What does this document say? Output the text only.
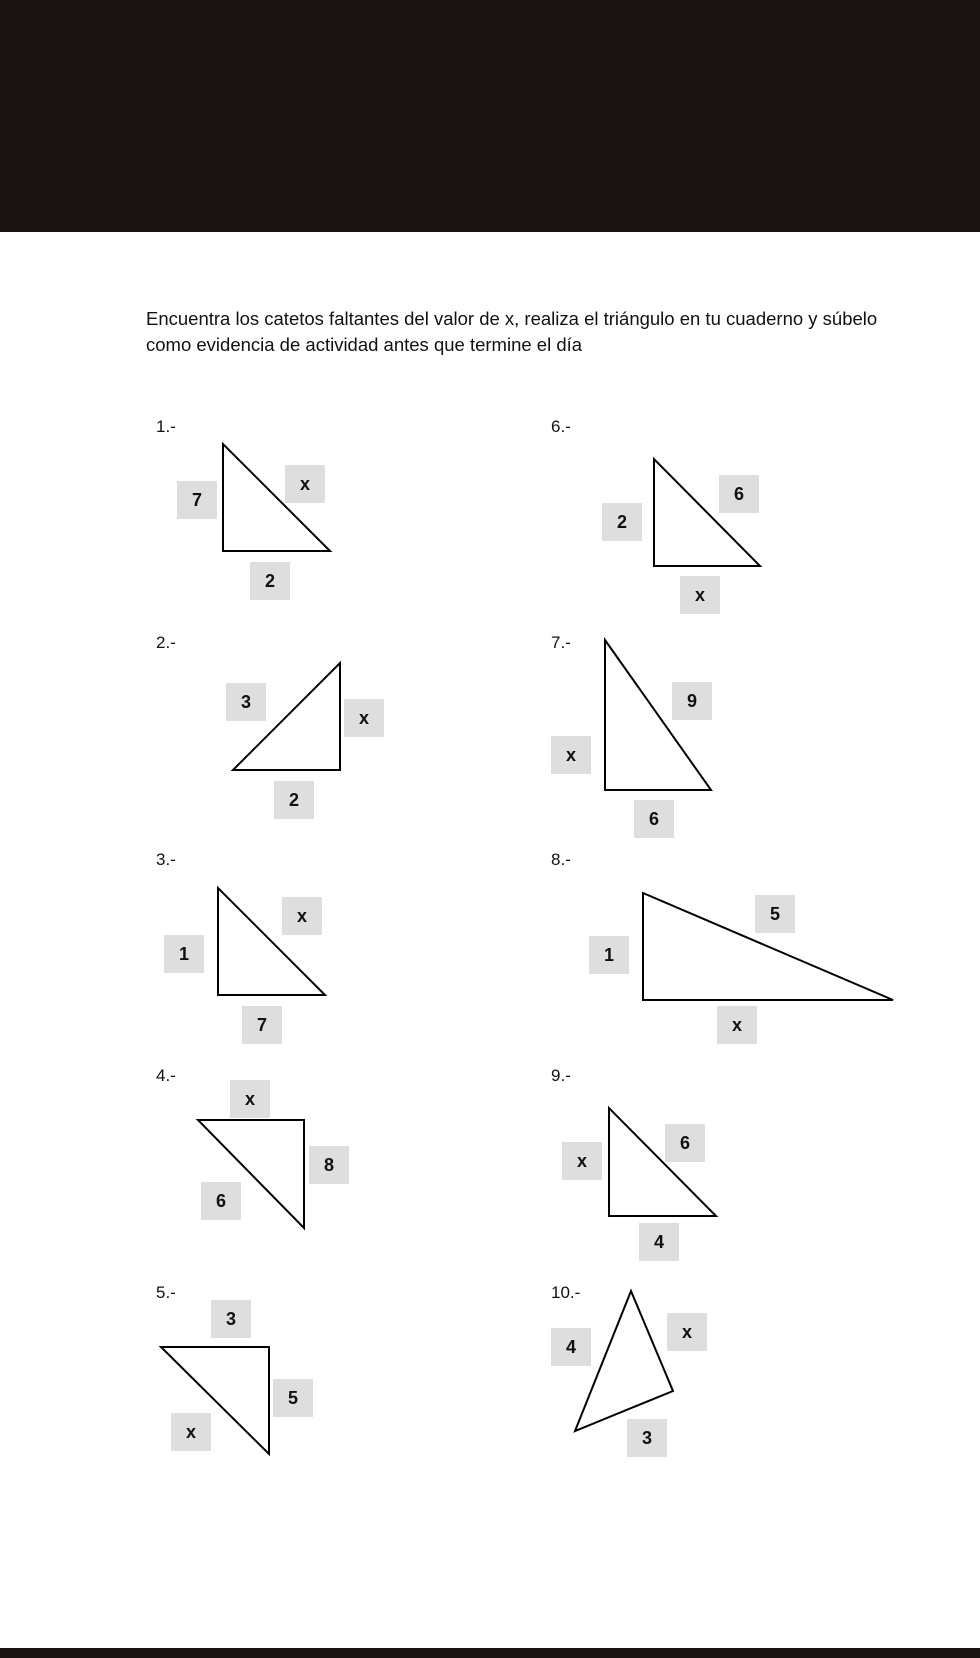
Encuentra los catetos faltantes del valor de x, realiza el triángulo en tu cuaderno y súbelo como evidencia de actividad antes que termine el día
1.-
2.-
3.-
4.-
5.-
6.-
7.-
8.-
9.-
10.-
7
x
2
3
x
2
1
x
7
x
8
6
3
5
x
2
6
x
9
x
6
5
1
x
x
6
4
4
x
3
